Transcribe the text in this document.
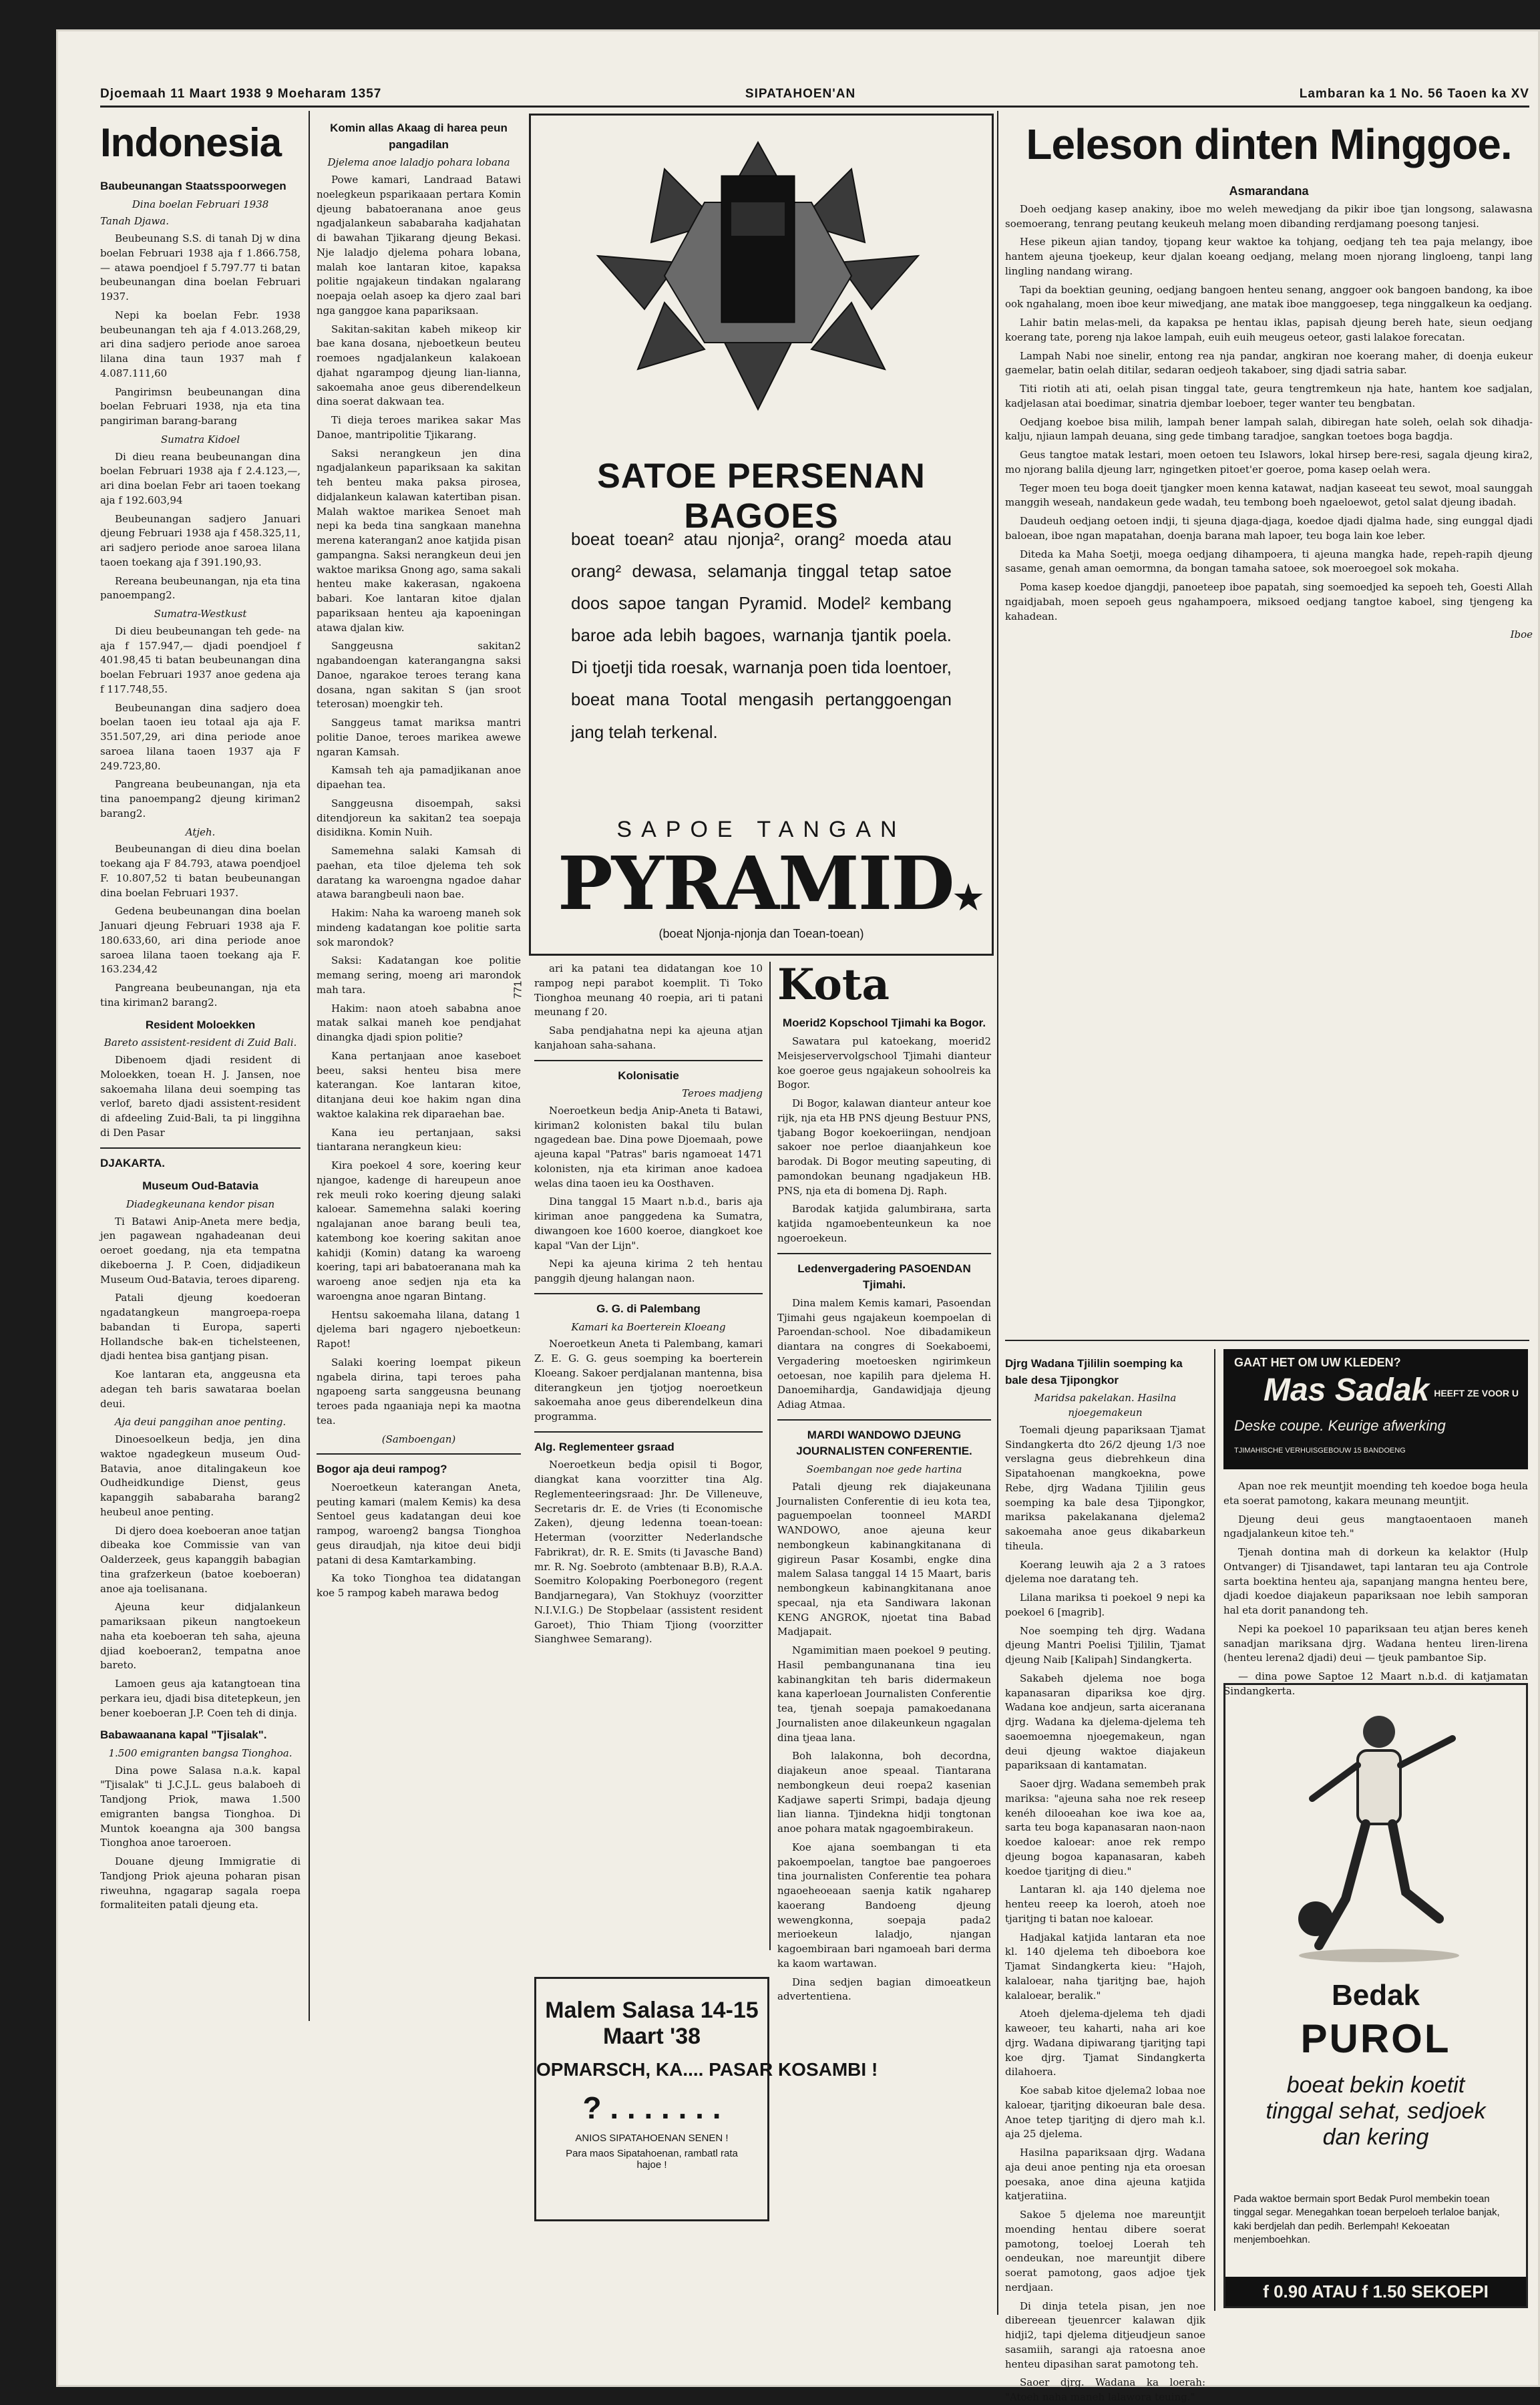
Djoemaah 11 Maart 1938 9 Moeharam 1357	SIPATAHOEN'AN	Lambaran ka 1 No. 56 Taoen ka XV
Indonesia
Baubeunangan Staatsspoorwegen
Dina boelan Februari 1938
Tanah Djawa.

Beubeunang S.S. di tanah Dj w dina boelan Februari 1938 aja f 1.866.758,— atawa poendjoel f 5.797.77 ti batan beubeunangan dina boelan Februari 1937.

Nepi ka boelan Febr. 1938 beubeunangan teh aja f 4.013.268,29, ari dina sadjero periode anoe saroea lilana dina taun 1937 mah f 4.087.111,60

Pangirimsn beubeunangan dina boelan Februari 1938, nja eta tina pangiriman barang-barang

Sumatra Kidoel

Di dieu reana beubeunangan dina boelan Februari 1938 aja f 2.4.123,—, ari dina boelan Febr ari taoen toekang aja f 192.603,94

Beubeunangan sadjero Januari djeung Februari 1938 aja f 458.325,11, ari sadjero periode anoe saroea lilana taoen toekang aja f 391.190,93.

Rereana beubeunangan, nja eta tina panoempang2.

Sumatra-Westkust

Di dieu beubeunangan teh gede- na aja f 157.947,— djadi poendjoel f 401.98,45 ti batan beubeunangan dina boelan Februari 1937 anoe gedena aja f 117.748,55.

Beubeunangan dina sadjero doea boelan taoen ieu totaal aja aja F. 351.507,29, ari dina periode anoe saroea lilana taoen 1937 aja F 249.723,80.

Pangreana beubeunangan, nja eta tina panoempang2 djeung kiriman2 barang2.

Atjeh.

Beubeunangan di dieu dina boelan toekang aja F 84.793, atawa poendjoel F. 10.807,52 ti batan beubeunangan dina boelan Februari 1937.

Gedena beubeunangan dina boelan Januari djeung Februari 1938 aja F. 180.633,60, ari dina periode anoe saroea lilana taoen toekang aja F. 163.234,42

Pangreana beubeunangan, nja eta tina kiriman2 barang2.

Resident Moloekken
Bareto assistent-resident di Zuid Bali.

Dibenoem djadi resident di Moloekken, toean H. J. Jansen, noe sakoemaha lilana deui soemping tas verlof, bareto djadi assistent-resident di afdeeling Zuid-Bali, ta pi linggihna di Den Pasar

DJAKARTA.
Museum Oud-Batavia
Diadegkeunana kendor pisan

Ti Batawi Anip-Aneta mere bedja, jen pagawean ngahadeanan deui oeroet goedang, nja eta tempatna dikeboerna J. P. Coen, didjadikeun Museum Oud-Batavia, teroes dipareng.

Patali djeung koedoeran ngadatangkeun mangroepa-roepa babandan ti Europa, saperti Hollandsche bak-en tichelsteenen, djadi hentea bisa gantjang pisan.

Koe lantaran eta, anggeusna eta adegan teh baris sawataraa boelan deui.

Aja deui panggihan anoe penting.

Dinoesoelkeun bedja, jen dina waktoe ngadegkeun museum Oud-Batavia, anoe ditalingakeun koe Oudheidkundige Dienst, geus kapanggih sababaraha barang2 heubeul anoe penting.

Di djero doea koeboeran anoe tatjan dibeaka koe Commissie van van Oalderzeek, geus kapanggih babagian tina grafzerkeun (batoe koeboeran) anoe aja toelisanana.

Ajeuna keur didjalankeun pamariksaan pikeun nangtoekeun naha eta koeboeran teh saha, ajeuna djiad koeboeran2, tempatna anoe bareto.

Lamoen geus aja katangtoean tina perkara ieu, djadi bisa ditetepkeun, jen bener koeboeran J.P. Coen teh di dinja.

Babawaanana kapal "Tjisalak".
1.500 emigranten bangsa Tionghoa.

Dina powe Salasa n.a.k. kapal "Tjisalak" ti J.C.J.L. geus balaboeh di Tandjong Priok, mawa 1.500 emigranten bangsa Tionghoa. Di Muntok koeangna aja 300 bangsa Tionghoa anoe taroeroen.

Douane djeung Immigratie di Tandjong Priok ajeuna poharan pisan riweuhna, ngagarap sagala roepa formaliteiten patali djeung eta.

Komin allas Akaag di harea peun pangadilan
Djelema anoe laladjo pohara lobana

Powe kamari, Landraad Batawi noelegkeun psparikaaan pertara Komin djeung babatoeranana anoe geus ngadjalankeun sababaraha kadjahatan di bawahan Tjikarang djeung Bekasi. Nje laladjo djelema pohara lobana, malah koe lantaran kitoe, kapaksa politie ngajakeun tindakan ngalarang noepaja oelah asoep ka djero zaal bari nga ganggoe kana papariksaan.

Sakitan-sakitan kabeh mikeop kir bae kana dosana, njeboetkeun beuteu roemoes ngadjalankeun kalakoean djahat ngarampog djeung lian-lianna, sakoemaha anoe geus diberendelkeun dina soerat dakwaan tea.

Ti dieja teroes marikea sakar Mas Danoe, mantripolitie Tjikarang.

Saksi nerangkeun jen dina ngadjalankeun papariksaan ka sakitan teh benteu maka paksa pirosea, didjalankeun kalawan katertiban pisan. Malah waktoe marikea Senoet mah nepi ka beda tina sangkaan manehna merena katerangan2 anoe katjida pisan gampangna. Saksi nerangkeun deui jen waktoe mariksa Gnong ago, sama sakali henteu make kakerasan, ngakoena babari. Koe lantaran kitoe djalan papariksaan henteu aja kapoeningan atawa djalan kiw.

Sanggeusna sakitan2 ngabandoengan katerangangna saksi Danoe, ngarakoe teroes terang kana dosana, ngan sakitan S (jan sroot teterosan) moengkir teh.

Sanggeus tamat mariksa mantri politie Danoe, teroes marikea awewe ngaran Kamsah.

Kamsah teh aja pamadjikanan anoe dipaehan tea.

Sanggeusna disoempah, saksi ditendjoreun ka sakitan2 tea soepaja disidikna. Komin Nuih.

Samemehna salaki Kamsah di paehan, eta tiloe djelema teh sok daratang ka waroengna ngadoe dahar atawa barangbeuli naon bae.

Hakim: Naha ka waroeng maneh sok mindeng kadatangan koe politie sarta sok marondok?

Saksi: Kadatangan koe politie memang sering, moeng ari marondok mah tara.

Hakim: naon atoeh sababna anoe matak salkai maneh koe pendjahat dinangka djadi spion politie?

Kana pertanjaan anoe kaseboet beeu, saksi henteu bisa mere katerangan. Koe lantaran kitoe, ditanjana deui koe hakim ngan dina waktoe kalakina rek diparaehan bae.

Kana ieu pertanjaan, saksi tiantarana nerangkeun kieu:

Kira poekoel 4 sore, koering keur njangoe, kadenge di hareupeun anoe rek meuli roko koering djeung salaki kaloear. Samemehna salaki koering ngalajanan anoe barang beuli tea, katembong koe koering sakitan anoe kahidji (Komin) datang ka waroeng koering, tapi ari babatoeranana mah ka waroeng anoe sedjen nja eta ka waroengna anoe ngaran Bintang.

Hentsu sakoemaha lilana, datang 1 djelema bari ngagero njeboetkeun: Rapot!

Salaki koering loempat pikeun ngabela dirina, tapi teroes paha ngapoeng sarta sanggeusna beunang teroes pada ngaaniaja nepi ka maotna tea.

(Samboengan)
Bogor aja deui rampog?

Noeroetkeun katerangan Aneta, peuting kamari (malem Kemis) ka desa Sentoel geus kadatangan deui koe rampog, waroeng2 bangsa Tionghoa geus diraudjah, nja kitoe deui bidji patani di desa Kamtarkambing.

Ka toko Tionghoa tea didatangan koe 5 rampog kabeh marawa bedog

SATOE PERSENAN BAGOES
boeat toean² atau njonja², orang² moeda atau orang² dewasa, selamanja tinggal tetap satoe doos sapoe tangan Pyramid. Model² kembang baroe ada lebih bagoes, warnanja tjantik poela. Di tjoetji tida roesak, warnanja poen tida loentoer, boeat mana Tootal mengasih pertanggoengan jang telah terkenal.
SAPOE TANGAN
PYRAMID★
(boeat Njonja-njonja dan Toean-toean)
771

ari ka patani tea didatangan koe 10 rampog nepi parabot koemplit. Ti Toko Tionghoa meunang 40 roepia, ari ti patani meunang f 20.

Saba pendjahatna nepi ka ajeuna atjan kanjahoan saha-sahana.

Kolonisatie
Teroes madjeng

Noeroetkeun bedja Anip-Aneta ti Batawi, kiriman2 kolonisten bakal tilu bulan ngagedean bae. Dina powe Djoemaah, powe ajeuna kapal "Patras" baris ngamoeat 1471 kolonisten, nja eta kiriman anoe kadoea welas dina taoen ieu ka Oosthaven.

Dina tanggal 15 Maart n.b.d., baris aja kiriman anoe panggedena ka Sumatra, diwangoen koe 1600 koeroe, diangkoet koe kapal "Van der Lijn".

Nepi ka ajeuna kirima 2 teh hentau panggih djeung halangan naon.

G. G. di Palembang
Kamari ka Boerterein Kloeang

Noeroetkeun Aneta ti Palembang, kamari Z. E. G. G. geus soemping ka boerterein Kloeang. Sakoer perdjalanan mantenna, bisa diterangkeun jen tjotjog noeroetkeun sakoemaha anoe geus diberendelkeun dina programma.

Alg. Reglementeer gsraad

Noeroetkeun bedja opisil ti Bogor, diangkat kana voorzitter tina Alg. Reglementeeringsraad: Jhr. De Villeneuve, Secretaris dr. E. de Vries (ti Economische Zaken), djeung ledenna toean-toean: Heterman (voorzitter Nederlandsche Fabrikrat), dr. R. E. Smits (ti Javasche Band) mr. R. Ng. Soebroto (ambtenaar B.B), R.A.A. Soemitro Kolopaking Poerbonegoro (regent Bandjarnegara), Van Stokhuyz (voorzitter N.I.V.I.G.) De Stopbelaar (assistent resident Garoet), Thio Thiam Tjiong (voorzitter Sianghwee Semarang).

Kota
Moerid2 Kopschool Tjimahi ka Bogor.

Sawatara pul katoekang, moerid2 Meisjeservervolgschool Tjimahi dianteur koe goeroe geus ngajakeun sohoolreis ka Bogor.

Di Bogor, kalawan dianteur anteur koe rijk, nja eta HB PNS djeung Bestuur PNS, tjabang Bogor koekoeriingan, nendjoan sakoer noe perloe diaanjahkeun koe barodak. Di Bogor meuting sapeuting, di pamondokan beunang ngadjakeun HB. PNS, nja eta di bomena Dj. Raph.

Barodak katjida galumbiraна, sarta katjida ngamoebenteunkeun ka noe ngoeroekeun.

Ledenvergadering PASOENDAN Tjimahi.

Dina malem Kemis kamari, Pasoendan Tjimahi geus ngajakeun koempoelan di Paroendan-school. Noe dibadamikeun diantara na congres di Soekaboemi, Vergadering moetoesken ngirimkeun oetoesan, noe kapilih para djelema H. Danoemihardja, Gandawidjaja djeung Adiag Atmaa.

MARDI WANDOWO DJEUNG JOURNALISTEN CONFERENTIE.
Soembangan noe gede hartina

Patali djeung rek diajakeunana Journalisten Conferentie di ieu kota tea, paguempoelan toonneel MARDI WANDOWO, anoe ajeuna keur nembongkeun kabinangkitanana di gigireun Pasar Kosambi, engke dina malem Salasa tanggal 14 15 Maart, baris nembongkeun kabinangkitanana anoe specaal, nja eta Sandiwara lakonan KENG ANGROK, njoetat tina Babad Madjapait.

Ngamimitian maen poekoel 9 peuting. Hasil pembangunanana tina ieu kabinangkitan teh baris didermakeun kana kaperloean Journalisten Conferentie tea, tjenah soepaja pamakoedanana Journalisten anoe dilakeunkeun ngagalan dina tjeaa lana.

Boh lalakonna, boh decordna, diajakeun anoe speaal. Tiantarana nembongkeun deui roepa2 kasenian Kadjawe saperti Srimpi, badaja djeung lian lianna. Tjindekna hidji tongtonan anoe pohara matak ngagoembirakeun.

Koe ajana soembangan ti eta pakoempoelan, tangtoe bae pangoeroes tina journalisten Conferentie tea pohara ngaoeheoeaan saenja katik ngaharep kaoerang Bandoeng djeung wewengkonna, soepaja pada2 merioekeun laladjo, njangan kagoembiraan bari ngamoeah bari derma ka kaom wartawan.

Dina sedjen bagian dimoeatkeun advertentiena.

Malem Salasa 14-15 Maart '38
OPMARSCH, KA.... PASAR KOSAMBI !
? . . . . . . .
ANIOS SIPATAHOENAN SENEN !
Para maos Sipatahoenan, rambatl rata hajoe !
Leleson dinten Minggoe.
Asmarandana

Doeh oedjang kasep anakiny, iboe mo weleh mewedjang da pikir iboe tjan longsong, salawasna soemoerang, tenrang peutang keukeuh melang moen dibanding rerdjamang poesong tanjesi.

Hese pikeun ajian tandoy, tjopang keur waktoe ka tohjang, oedjang teh tea paja melangy, iboe hantem ajeuna tjoekeup, keur djalan koeang oedjang, melang moen njorang lingloeng, tanpi lang lingling nandang wirang.

Tapi da boektian geuning, oedjang bangoen henteu senang, anggoer ook bangoen bandong, ka iboe ook ngahalang, moen iboe keur miwedjang, ane matak iboe manggoesep, tega ninggalkeun ka oedjang.

Lahir batin melas-meli, da kapaksa pe hentau iklas, papisah djeung bereh hate, sieun oedjang koerang tate, poreng nja lakoe lampah, euih euih meugeus oeteor, gasti lalakoe forecatan.

Lampah Nabi noe sinelir, entong rea nja pandar, angkiran noe koerang maher, di doenja eukeur gaemelar, batin oelah ditilar, sedaran oedjeoh takaboer, sing djadi satria sabar.

Titi riotih ati ati, oelah pisan tinggal tate, geura tengtremkeun nja hate, hantem koe sadjalan, kadjelasan atai boedimar, sinatria djembar loeboer, teger wanter teu bengbatan.

Oedjang koeboe bisa milih, lampah bener lampah salah, dibiregan hate soleh, oelah sok dihadja-kalju, njiaun lampah deuana, sing gede timbang taradjoe, sangkan toetoes boga bagdja.

Geus tangtoe matak lestari, moen oetoen teu Islawors, lokal hirsep bere-resi, sagala djeung kira2, mo njorang balila djeung larr, ngingetken pitoet'er goeroe, poma kasep oelah wera.

Teger moen teu boga doeit tjangker moen kenna katawat, nadjan kaseeat teu sewot, moal saunggah manggih weseah, nandakeun gede wadah, teu tembong boeh ngaeloewot, getol salat djeung ibadah.

Daudeuh oedjang oetoen indji, ti sjeuna djaga-djaga, koedoe djadi djalma hade, sing eunggal djadi baloean, iboe ngan mapatahan, doenja barana mah lapoer, teu boga lain koe leber.

Diteda ka Maha Soetji, moega oedjang dihampoera, ti ajeuna mangka hade, repeh-rapih djeung sasame, genah aman oemormna, da bongan tamaha satoee, sok moeroegoel sok mokaha.

Poma kasep koedoe djangdji, panoeteep iboe papatah, sing soemoedjed ka sepoeh teh, Goesti Allah ngaidjabah, moen sepoeh geus ngahampoera, miksoed oedjang tangtoe kaboel, sing tjengeng ka kahadean.

Iboe
Djrg Wadana Tjililin soemping ka bale desa Tjipongkor
Maridsa pakelakan. Hasilna njoegemakeun

Toemali djeung papariksaan Tjamat Sindangkerta dto 26/2 djeung 1/3 noe verslagna geus diebrehkeun dina Sipatahoenan mangkoekna, powe Rebe, djrg Wadana Tjililin geus soemping ka bale desa Tjipongkor, mariksa pakelakanana djelema2 sakoemaha anoe geus dikabarkeun tiheula.

Koerang leuwih aja 2 a 3 ratoes djelema noe daratang teh.

Lilana mariksa ti poekoel 9 nepi ka poekoel 6 [magrib].

Noe soemping teh djrg. Wadana djeung Mantri Poelisi Tjililin, Tjamat djeung Naib [Kalipah] Sindangkerta.

Sakabeh djelema noe boga kapanasaran dipariksa koe djrg. Wadana koe andjeun, sarta aiceranana djrg. Wadana ka djelema-djelema teh saoemoemna njoegemakeun, ngan deui djeung waktoe diajakeun papariksaan di kantamatan.

Saoer djrg. Wadana semembeh prak mariksa: "ajeuna saha noe rek reseep kenéh dilooeahan koe iwa koe aa, sarta teu boga kapanasaran naon-naon koedoe kaloear: anoe rek rempo djeung bogoa kapanasaran, kabeh koedoe tjaritjng di dieu."

Lantaran kl. aja 140 djelema noe henteu reeep ka loeroh, atoeh noe tjaritjng ti batan noe kaloear.

Hadjakal katjida lantaran eta noe kl. 140 djelema teh diboebora koe Tjamat Sindangkerta kieu: "Hajoh, kalaloear, naha tjaritjng bae, hajoh kalaloear, beralik."

Atoeh djelema-djelema teh djadi kaweoer, teu kaharti, naha ari koe djrg. Wadana dipiwarang tjaritjng tapi koe djrg. Tjamat Sindangkerta dilahoera.

Koe sabab kitoe djelema2 lobaa noe kaloear, tjaritjng dikoeuran bale desa. Anoe tetep tjaritjng di djero mah k.l. aja 25 djelema.

Hasilna papariksaan djrg. Wadana aja deui anoe penting nja eta oroesan poesaka, anoe dina ajeuna katjida katjeratiina.

Sakoe 5 djelema noe mareuntjit moending hentau dibere soerat pamotong, toeloej Loerah teh oendeukan, noe mareuntjit dibere soerat pamotong, gaos adjoe tjek nerdjaan.

Di dinja tetela pisan, jen noe dibereean tjeuenrcer kalawan djik hidji2, tapi djelema ditjeudjeun sanoe sasamiih, sarangi aja ratoesna anoe henteu dipasihan sarat pamotong teh.

Saoer djrg. Wadana ka loerah: "Atoeh naha maneh lalawora teuing."

GAAT HET OM UW KLEDEN?
Mas Sadak HEEFT ZE VOOR U
Deske coupe. Keurige afwerking
TJIMAHISCHE VERHUISGEBOUW 15 BANDOENG

Apan noe rek meuntjit moending teh koedoe boga heula eta soerat pamotong, kakara meunang meuntjit.

Djeung deui geus mangtaoentaoen maneh ngadjalankeun kitoe teh."

Tjenah dontina mah di dorkeun ka kelaktor (Hulp Ontvanger) di Tjisandawet, tapi lantaran teu aja Controle sarta boektina henteu aja, sapanjang mangna henteu bere, djadi koedoe diajakeun papariksaan noe lebih samporan hal eta dorit panandong teh.

Nepi ka poekoel 10 papariksaan teu atjan beres keneh sanadjan mariksana djrg. Wadana henteu liren-lirena (henteu lerena2 djadi) deui — tjeuk pambantoe Sip.

— dina powe Saptoe 12 Maart n.b.d. di katjamatan Sindangkerta.

Bedak
PUROL
boeat bekin koetit tinggal sehat, sedjoek dan kering
Pada waktoe bermain sport Bedak Purol membekin toean tinggal segar. Menegahkan toean berpeloeh terlaloe banjak, kaki berdjelah dan pedih. Berlempah! Kekoeatan menjemboehkan.
f 0.90 ATAU f 1.50 SEKOEPI
